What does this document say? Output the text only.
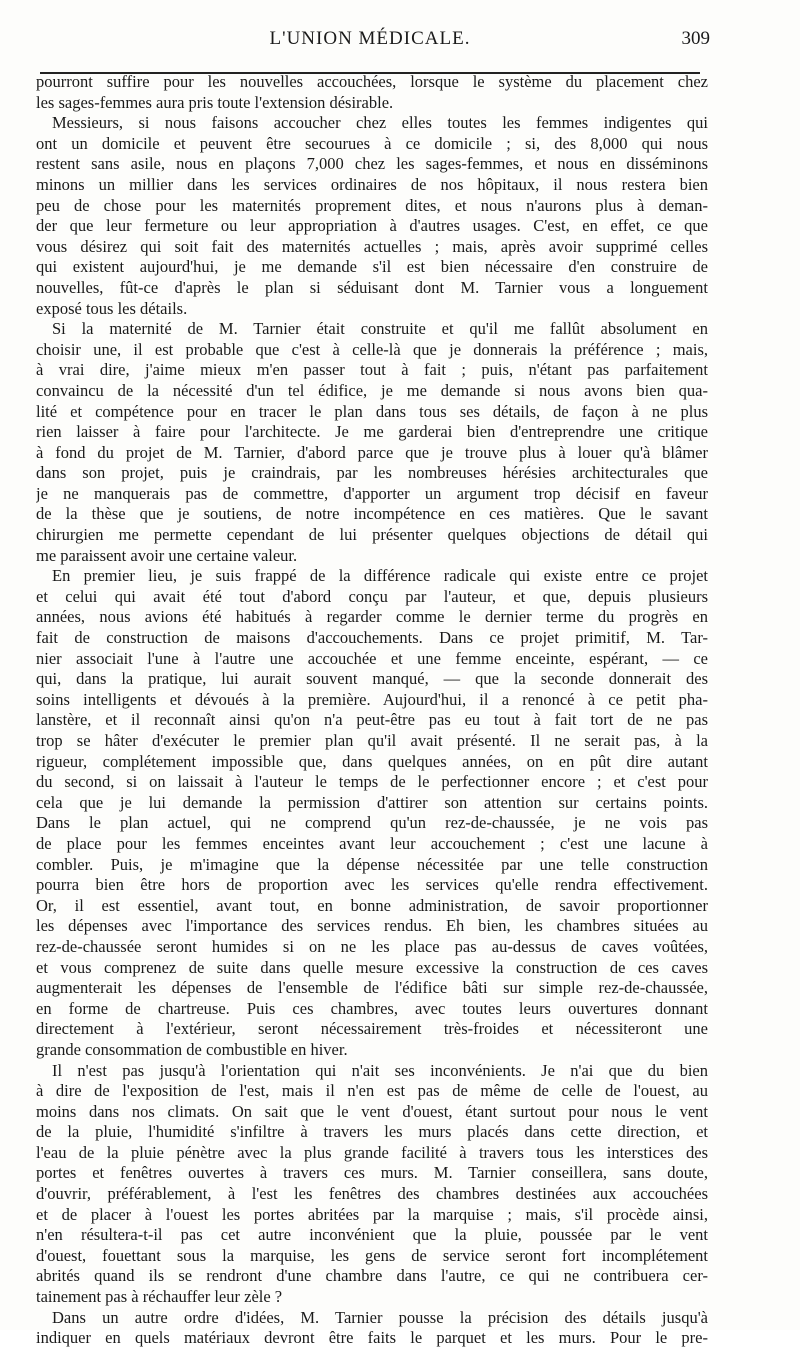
L'UNION MÉDICALE.	309
pourront suffire pour les nouvelles accouchées, lorsque le système du placement chez
les sages-femmes aura pris toute l'extension désirable.
Messieurs, si nous faisons accoucher chez elles toutes les femmes indigentes qui
ont un domicile et peuvent être secourues à ce domicile ; si, des 8,000 qui nous
restent sans asile, nous en plaçons 7,000 chez les sages-femmes, et nous en disséminons
minons un millier dans les services ordinaires de nos hôpitaux, il nous restera bien
peu de chose pour les maternités proprement dites, et nous n'aurons plus à deman-
der que leur fermeture ou leur appropriation à d'autres usages. C'est, en effet, ce que
vous désirez qui soit fait des maternités actuelles ; mais, après avoir supprimé celles
qui existent aujourd'hui, je me demande s'il est bien nécessaire d'en construire de
nouvelles, fût-ce d'après le plan si séduisant dont M. Tarnier vous a longuement
exposé tous les détails.
Si la maternité de M. Tarnier était construite et qu'il me fallût absolument en
choisir une, il est probable que c'est à celle-là que je donnerais la préférence ; mais,
à vrai dire, j'aime mieux m'en passer tout à fait ; puis, n'étant pas parfaitement
convaincu de la nécessité d'un tel édifice, je me demande si nous avons bien qua-
lité et compétence pour en tracer le plan dans tous ses détails, de façon à ne plus
rien laisser à faire pour l'architecte. Je me garderai bien d'entreprendre une critique
à fond du projet de M. Tarnier, d'abord parce que je trouve plus à louer qu'à blâmer
dans son projet, puis je craindrais, par les nombreuses hérésies architecturales que
je ne manquerais pas de commettre, d'apporter un argument trop décisif en faveur
de la thèse que je soutiens, de notre incompétence en ces matières. Que le savant
chirurgien me permette cependant de lui présenter quelques objections de détail qui
me paraissent avoir une certaine valeur.
En premier lieu, je suis frappé de la différence radicale qui existe entre ce projet
et celui qui avait été tout d'abord conçu par l'auteur, et que, depuis plusieurs
années, nous avions été habitués à regarder comme le dernier terme du progrès en
fait de construction de maisons d'accouchements. Dans ce projet primitif, M. Tar-
nier associait l'une à l'autre une accouchée et une femme enceinte, espérant, — ce
qui, dans la pratique, lui aurait souvent manqué, — que la seconde donnerait des
soins intelligents et dévoués à la première. Aujourd'hui, il a renoncé à ce petit pha-
lanstère, et il reconnaît ainsi qu'on n'a peut-être pas eu tout à fait tort de ne pas
trop se hâter d'exécuter le premier plan qu'il avait présenté. Il ne serait pas, à la
rigueur, complétement impossible que, dans quelques années, on en pût dire autant
du second, si on laissait à l'auteur le temps de le perfectionner encore ; et c'est pour
cela que je lui demande la permission d'attirer son attention sur certains points.
Dans le plan actuel, qui ne comprend qu'un rez-de-chaussée, je ne vois pas
de place pour les femmes enceintes avant leur accouchement ; c'est une lacune à
combler. Puis, je m'imagine que la dépense nécessitée par une telle construction
pourra bien être hors de proportion avec les services qu'elle rendra effectivement.
Or, il est essentiel, avant tout, en bonne administration, de savoir proportionner
les dépenses avec l'importance des services rendus. Eh bien, les chambres situées au
rez-de-chaussée seront humides si on ne les place pas au-dessus de caves voûtées,
et vous comprenez de suite dans quelle mesure excessive la construction de ces caves
augmenterait les dépenses de l'ensemble de l'édifice bâti sur simple rez-de-chaussée,
en forme de chartreuse. Puis ces chambres, avec toutes leurs ouvertures donnant
directement à l'extérieur, seront nécessairement très-froides et nécessiteront une
grande consommation de combustible en hiver.
Il n'est pas jusqu'à l'orientation qui n'ait ses inconvénients. Je n'ai que du bien
à dire de l'exposition de l'est, mais il n'en est pas de même de celle de l'ouest, au
moins dans nos climats. On sait que le vent d'ouest, étant surtout pour nous le vent
de la pluie, l'humidité s'infiltre à travers les murs placés dans cette direction, et
l'eau de la pluie pénètre avec la plus grande facilité à travers tous les interstices des
portes et fenêtres ouvertes à travers ces murs. M. Tarnier conseillera, sans doute,
d'ouvrir, préférablement, à l'est les fenêtres des chambres destinées aux accouchées
et de placer à l'ouest les portes abritées par la marquise ; mais, s'il procède ainsi,
n'en résultera-t-il pas cet autre inconvénient que la pluie, poussée par le vent
d'ouest, fouettant sous la marquise, les gens de service seront fort incomplétement
abrités quand ils se rendront d'une chambre dans l'autre, ce qui ne contribuera cer-
tainement pas à réchauffer leur zèle ?
Dans un autre ordre d'idées, M. Tarnier pousse la précision des détails jusqu'à
indiquer en quels matériaux devront être faits le parquet et les murs. Pour le pre-
